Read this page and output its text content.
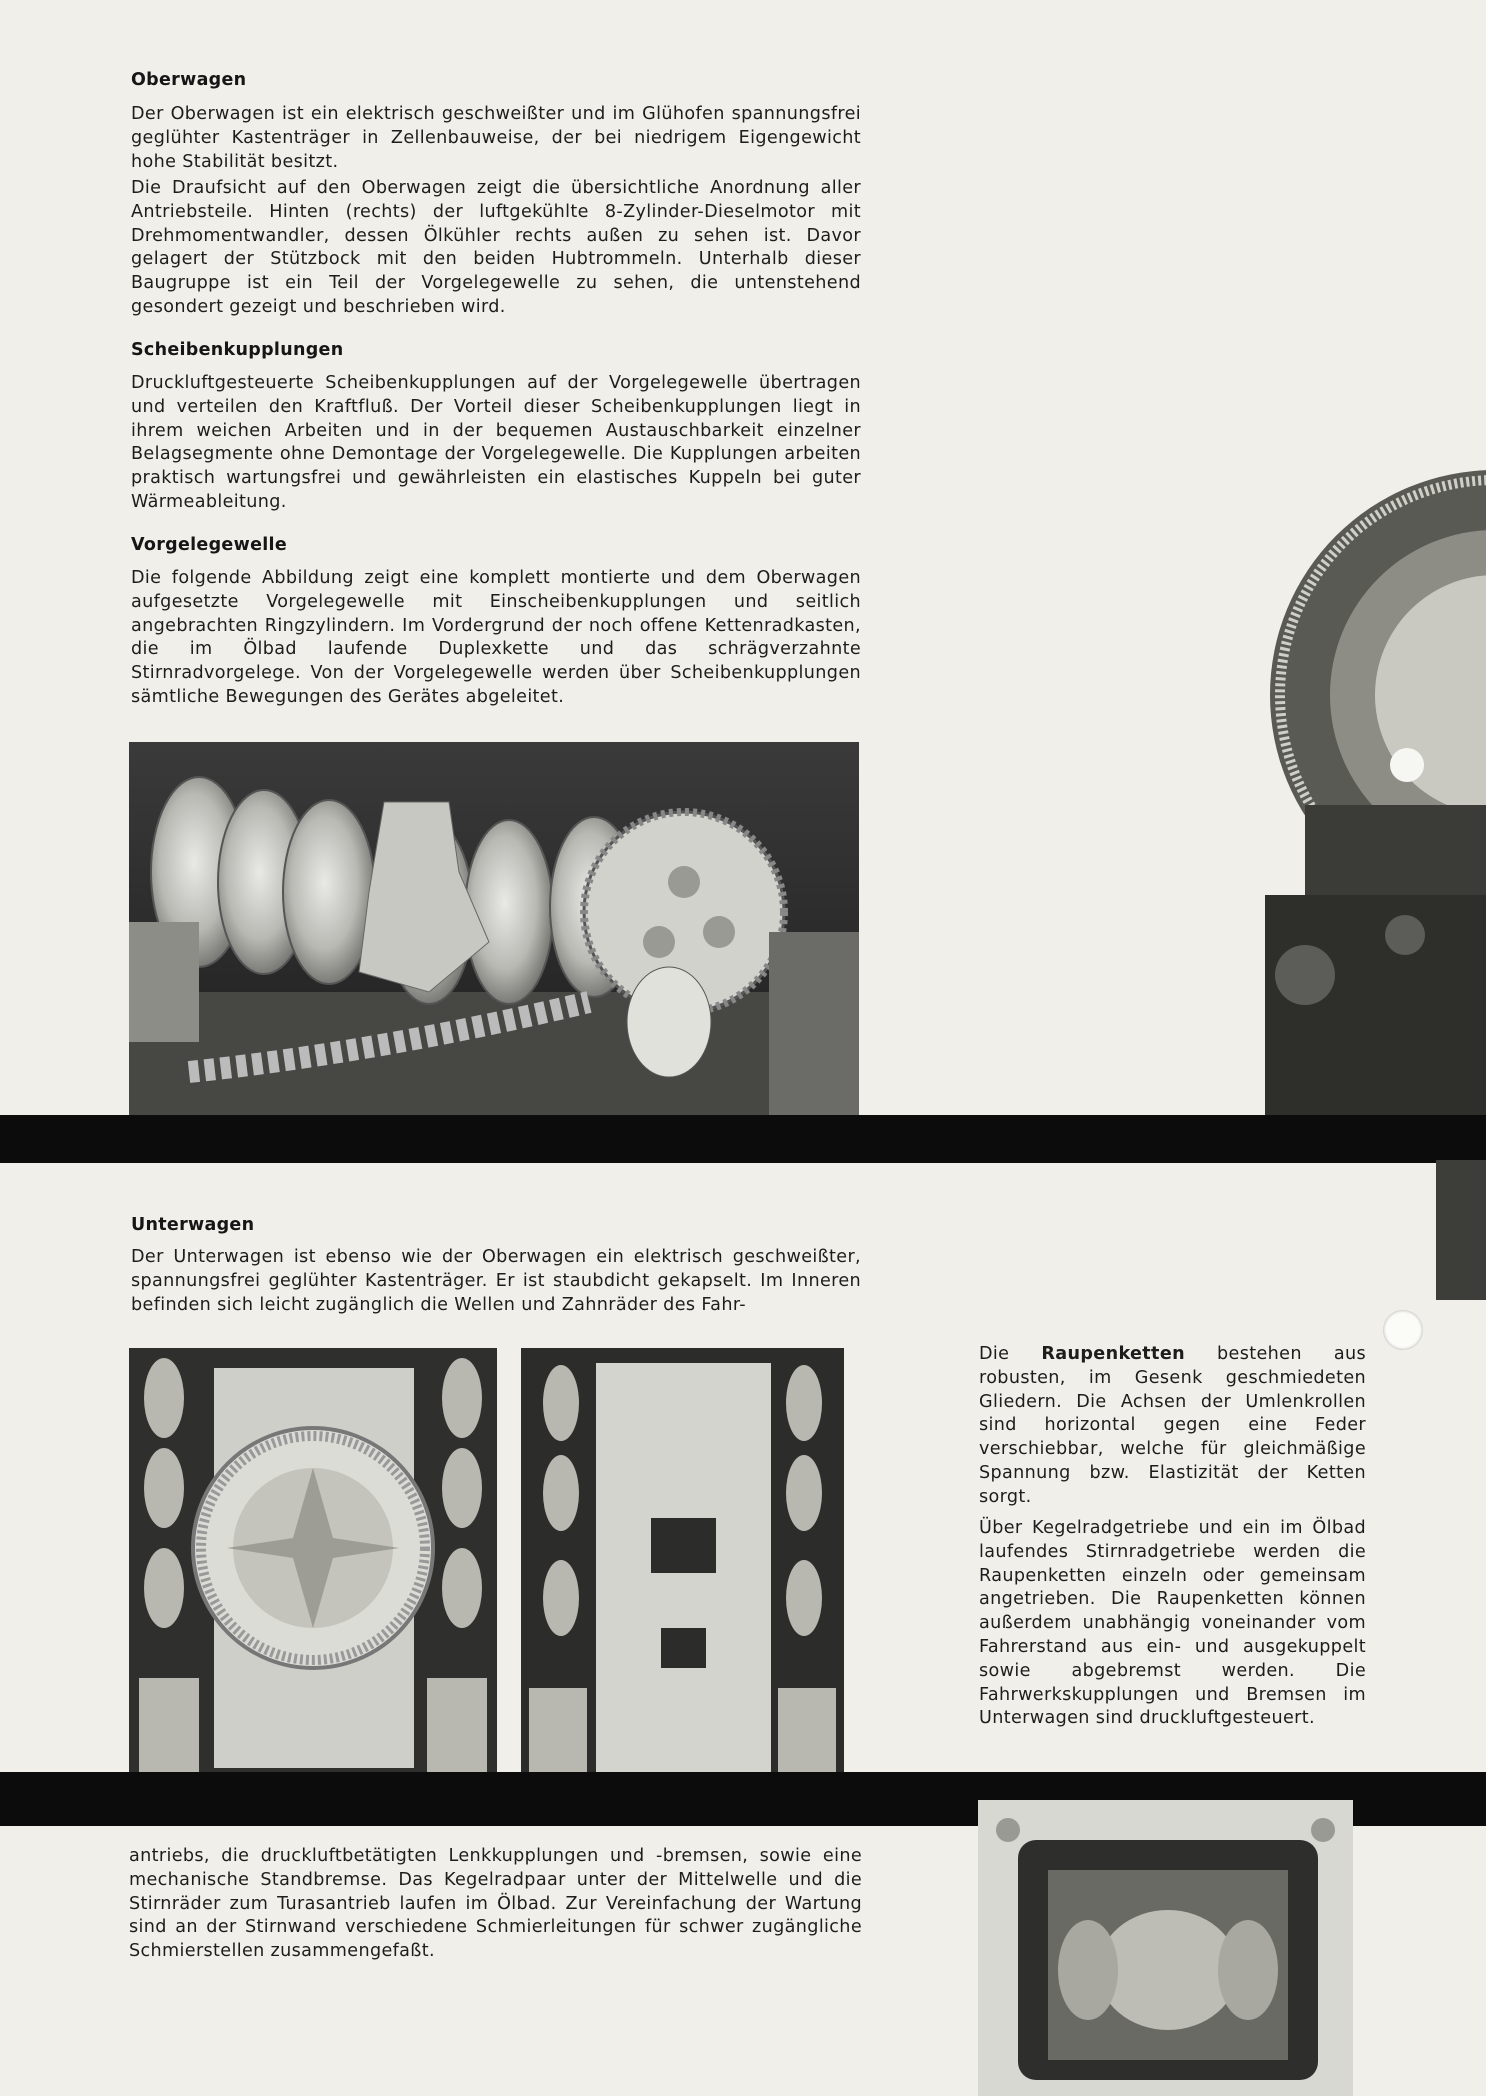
Oberwagen

Der Oberwagen ist ein elektrisch geschweißter und im Glühofen spannungsfrei geglühter Kastenträger in Zellenbauweise, der bei niedrigem Eigengewicht hohe Stabilität besitzt.

Die Draufsicht auf den Oberwagen zeigt die übersichtliche Anordnung aller Antriebsteile. Hinten (rechts) der luftgekühlte 8-Zylinder-Dieselmotor mit Drehmomentwandler, dessen Ölkühler rechts außen zu sehen ist. Davor gelagert der Stützbock mit den beiden Hubtrommeln. Unterhalb dieser Baugruppe ist ein Teil der Vorgelegewelle zu sehen, die untenstehend gesondert gezeigt und beschrieben wird.

Scheibenkupplungen

Druckluftgesteuerte Scheibenkupplungen auf der Vorgelegewelle übertragen und verteilen den Kraftfluß. Der Vorteil dieser Scheibenkupplungen liegt in ihrem weichen Arbeiten und in der bequemen Austauschbarkeit einzelner Belagsegmente ohne Demontage der Vorgelegewelle. Die Kupplungen arbeiten praktisch wartungsfrei und gewährleisten ein elastisches Kuppeln bei guter Wärmeableitung.

Vorgelegewelle

Die folgende Abbildung zeigt eine komplett montierte und dem Oberwagen aufgesetzte Vorgelegewelle mit Einscheibenkupplungen und seitlich angebrachten Ringzylindern. Im Vordergrund der noch offene Kettenradkasten, die im Ölbad laufende Duplexkette und das schrägverzahnte Stirnradvorgelege. Von der Vorgelegewelle werden über Scheibenkupplungen sämtliche Bewegungen des Gerätes abgeleitet.

Unterwagen

Der Unterwagen ist ebenso wie der Oberwagen ein elektrisch geschweißter, spannungsfrei geglühter Kastenträger. Er ist staubdicht gekapselt. Im Inneren befinden sich leicht zugänglich die Wellen und Zahnräder des Fahr-

Die Raupenketten bestehen aus robusten, im Gesenk geschmiedeten Gliedern. Die Achsen der Umlenkrollen sind horizontal gegen eine Feder verschiebbar, welche für gleichmäßige Spannung bzw. Elastizität der Ketten sorgt.

Über Kegelradgetriebe und ein im Ölbad laufendes Stirnradgetriebe werden die Raupenketten einzeln oder gemeinsam angetrieben. Die Raupenketten können außerdem unabhängig voneinander vom Fahrerstand aus ein- und ausgekuppelt sowie abgebremst werden. Die Fahrwerkskupplungen und Bremsen im Unterwagen sind druckluftgesteuert.

antriebs, die druckluftbetätigten Lenkkupplungen und -bremsen, sowie eine mechanische Standbremse. Das Kegelradpaar unter der Mittelwelle und die Stirnräder zum Turasantrieb laufen im Ölbad. Zur Vereinfachung der Wartung sind an der Stirnwand verschiedene Schmierleitungen für schwer zugängliche Schmierstellen zusammengefaßt.
